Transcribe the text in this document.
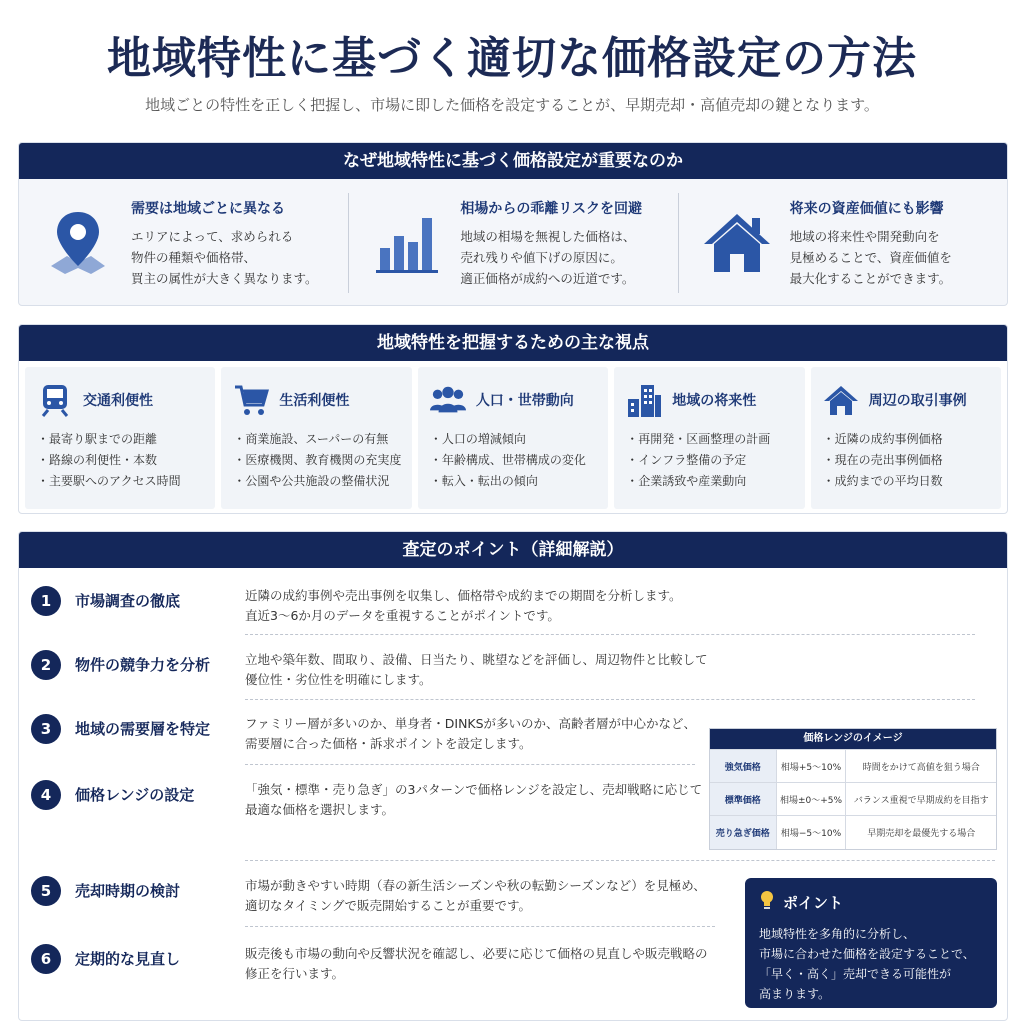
地域特性に基づく適切な価格設定の方法
地域ごとの特性を正しく把握し、市場に即した価格を設定することが、早期売却・高値売却の鍵となります。
なぜ地域特性に基づく価格設定が重要なのか
需要は地域ごとに異なる
エリアによって、求められる
物件の種類や価格帯、
買主の属性が大きく異なります。
相場からの乖離リスクを回避
地域の相場を無視した価格は、
売れ残りや値下げの原因に。
適正価格が成約への近道です。
将来の資産価値にも影響
地域の将来性や開発動向を
見極めることで、資産価値を
最大化することができます。
地域特性を把握するための主な視点
交通利便性
・ 最寄り駅までの距離
・ 路線の利便性・本数
・ 主要駅へのアクセス時間
生活利便性
・ 商業施設、スーパーの有無
・ 医療機関、教育機関の充実度
・ 公園や公共施設の整備状況
人口・世帯動向
・ 人口の増減傾向
・ 年齢構成、世帯構成の変化
・ 転入・転出の傾向
地域の将来性
・ 再開発・区画整理の計画
・ インフラ整備の予定
・ 企業誘致や産業動向
周辺の取引事例
・ 近隣の成約事例価格
・ 現在の売出事例価格
・ 成約までの平均日数
査定のポイント（詳細解説）
1	市場調査の徹底	近隣の成約事例や売出事例を収集し、価格帯や成約までの期間を分析します。
直近3〜6か月のデータを重視することがポイントです。
2	物件の競争力を分析	立地や築年数、間取り、設備、日当たり、眺望などを評価し、周辺物件と比較して
優位性・劣位性を明確にします。
3	地域の需要層を特定	ファミリー層が多いのか、単身者・DINKSが多いのか、高齢者層が中心かなど、
需要層に合った価格・訴求ポイントを設定します。
4	価格レンジの設定	「強気・標準・売り急ぎ」の3パターンで価格レンジを設定し、売却戦略に応じて
最適な価格を選択します。
5	売却時期の検討	市場が動きやすい時期（春の新生活シーズンや秋の転勤シーズンなど）を見極め、
適切なタイミングで販売開始することが重要です。
6	定期的な見直し	販売後も市場の動向や反響状況を確認し、必要に応じて価格の見直しや販売戦略の
修正を行います。
価格レンジのイメージ
強気価格	相場+5〜10%	時間をかけて高値を狙う場合
標準価格	相場±0〜+5%	バランス重視で早期成約を目指す
売り急ぎ価格	相場−5〜10%	早期売却を最優先する場合
ポイント
地域特性を多角的に分析し、
市場に合わせた価格を設定することで、
「早く・高く」売却できる可能性が
高まります。
